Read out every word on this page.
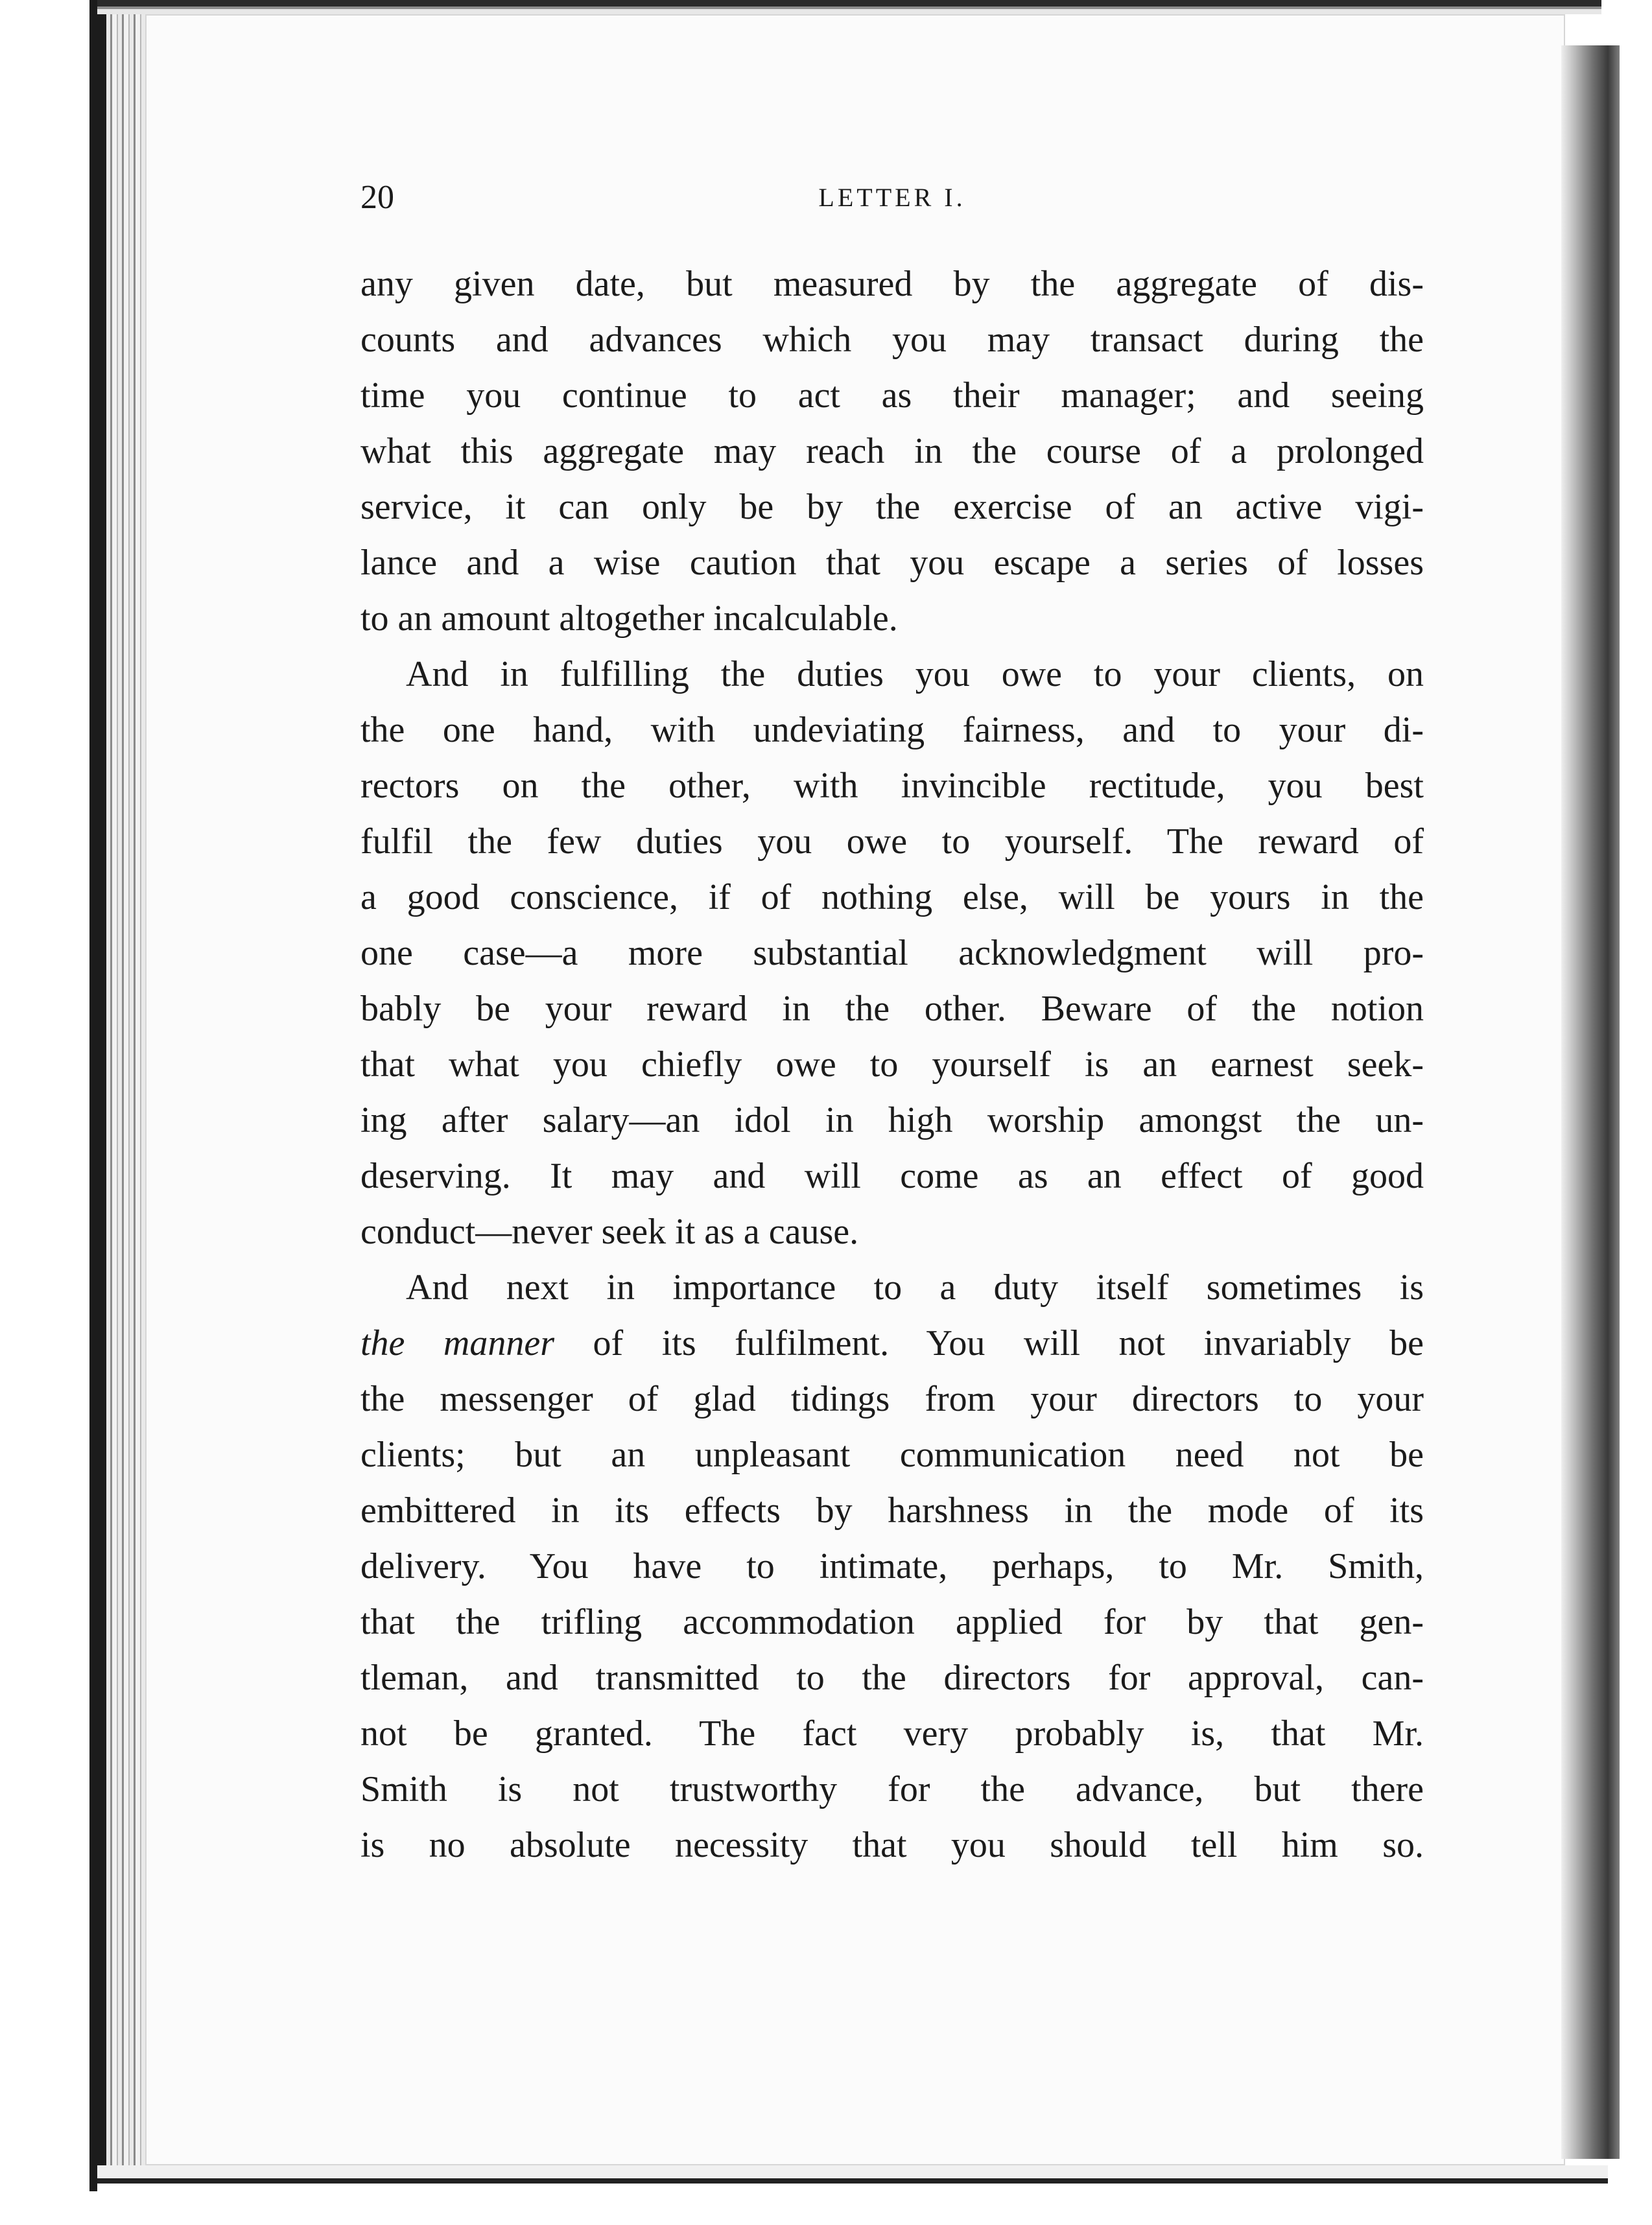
20	LETTER I.

any given date, but measured by the aggregate of dis-
counts and advances which you may transact during the
time you continue to act as their manager; and seeing
what this aggregate may reach in the course of a prolonged
service, it can only be by the exercise of an active vigi-
lance and a wise caution that you escape a series of losses
to an amount altogether incalculable.

And in fulfilling the duties you owe to your clients, on
the one hand, with undeviating fairness, and to your di-
rectors on the other, with invincible rectitude, you best
fulfil the few duties you owe to yourself. The reward of
a good conscience, if of nothing else, will be yours in the
one case—a more substantial acknowledgment will pro-
bably be your reward in the other. Beware of the notion
that what you chiefly owe to yourself is an earnest seek-
ing after salary—an idol in high worship amongst the un-
deserving. It may and will come as an effect of good
conduct—never seek it as a cause.

And next in importance to a duty itself sometimes is
the manner of its fulfilment. You will not invariably be
the messenger of glad tidings from your directors to your
clients; but an unpleasant communication need not be
embittered in its effects by harshness in the mode of its
delivery. You have to intimate, perhaps, to Mr. Smith,
that the trifling accommodation applied for by that gen-
tleman, and transmitted to the directors for approval, can-
not be granted. The fact very probably is, that Mr.
Smith is not trustworthy for the advance, but there
is no absolute necessity that you should tell him so.
